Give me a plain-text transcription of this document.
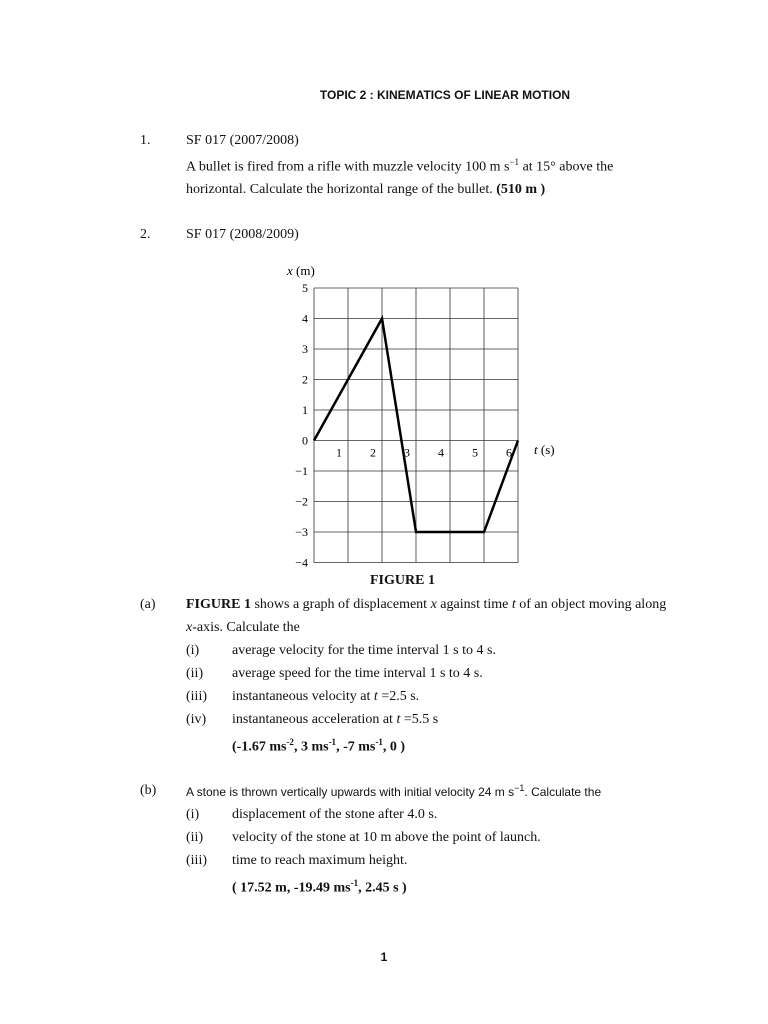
TOPIC 2 : KINEMATICS OF LINEAR MOTION
1.	SF 017 (2007/2008)
A bullet is fired from a rifle with muzzle velocity 100 m $s^{-1}$ at 15° above the
horizontal. Calculate the horizontal range of the bullet. (510 m )
2.	SF 017 (2008/2009)
x (m)
t (s)
5
4
3
2
1
0
−1
−2
−3
−4
1 2 3 4 5 6
FIGURE 1
(a) FIGURE 1 shows a graph of displacement x against time t of an object moving along
x-axis. Calculate the
(i) average velocity for the time interval 1 s to 4 s.
(ii) average speed for the time interval 1 s to 4 s.
(iii) instantaneous velocity at t =2.5 s.
(iv) instantaneous acceleration at t =5.5 s
(-1.67 $ms^{-2}$, 3 $ms^{-1}$, -7 $ms^{-1}$, 0 )
(b) A stone is thrown vertically upwards with initial velocity 24 m $s^{-1}$. Calculate the
(i) displacement of the stone after 4.0 s.
(ii) velocity of the stone at 10 m above the point of launch.
(iii) time to reach maximum height.
( 17.52 m, -19.49 $ms^{-1}$, 2.45 s )
1
